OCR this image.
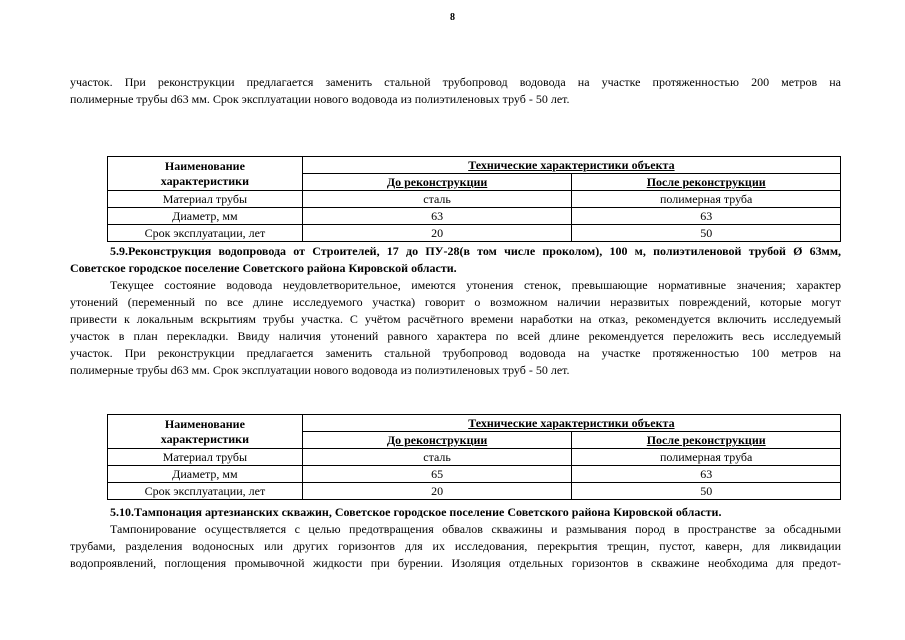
8
участок. При реконструкции предлагается заменить стальной трубопровод водовода на участке протяженностью 200 метров на
полимерные трубы d63 мм. Срок эксплуатации нового водовода из полиэтиленовых труб - 50 лет.
Наименование
характеристики	Технические характеристики объекта	

	До реконструкции	После реконструкции

Материал трубы	сталь	полимерная труба
Диаметр, мм	63	63
Срок эксплуатации, лет	20	50
5.9.Реконструкция водопровода от Строителей, 17 до ПУ-28(в том числе проколом), 100 м, полиэтиленовой трубой Ø 63мм,
Советское городское поселение Советского района Кировской области.
Текущее состояние водовода неудовлетворительное, имеются утонения стенок, превышающие нормативные значения; характер
утонений (переменный по все длине исследуемого участка) говорит о возможном наличии неразвитых повреждений, которые могут
привести к локальным вскрытиям трубы участка. С учётом расчётного времени наработки на отказ, рекомендуется включить исследуемый
участок в план перекладки. Ввиду наличия утонений равного характера по всей длине рекомендуется переложить весь исследуемый
участок. При реконструкции предлагается заменить стальной трубопровод водовода на участке протяженностью 100 метров на
полимерные трубы d63 мм. Срок эксплуатации нового водовода из полиэтиленовых труб - 50 лет.
Наименование
характеристики	Технические характеристики объекта	

	До реконструкции	После реконструкции

Материал трубы	сталь	полимерная труба
Диаметр, мм	65	63
Срок эксплуатации, лет	20	50
5.10.Тампонация артезианских скважин, Советское городское поселение Советского района Кировской области.
Тампонирование осуществляется с целью предотвращения обвалов скважины и размывания пород в пространстве за обсадными
трубами, разделения водоносных или других горизонтов для их исследования, перекрытия трещин, пустот, каверн, для ликвидации
водопроявлений, поглощения промывочной жидкости при бурении. Изоляция отдельных горизонтов в скважине необходима для предот-
